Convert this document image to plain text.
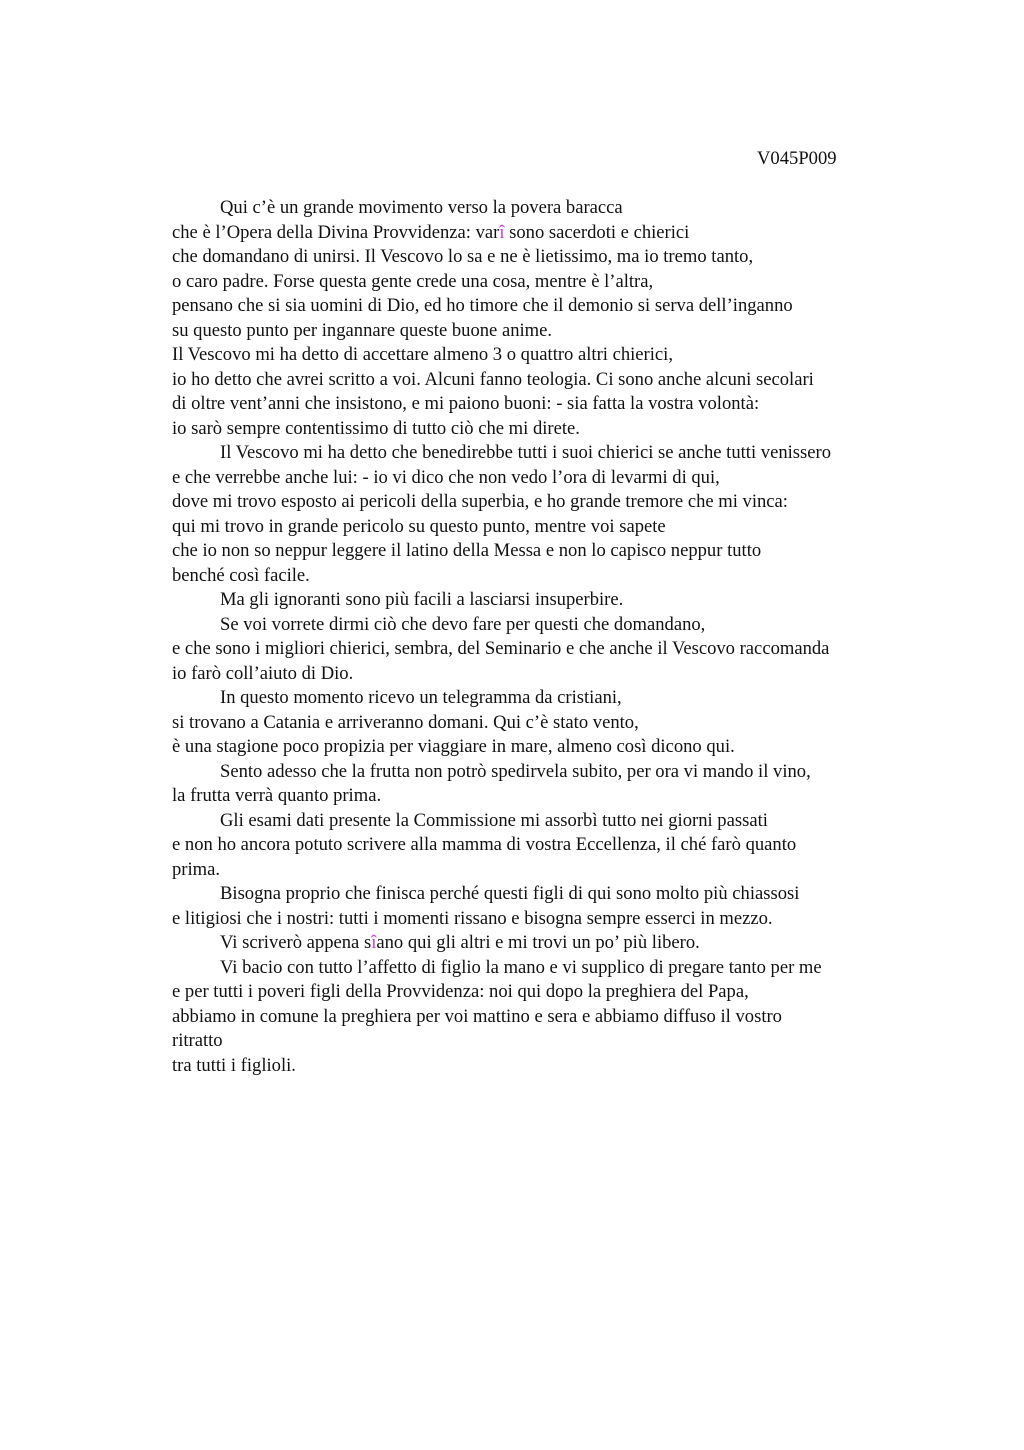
V045P009
Qui c’è un grande movimento verso la povera baracca
che è l’Opera della Divina Provvidenza: varî sono sacerdoti e chierici
che domandano di unirsi. Il Vescovo lo sa e ne è lietissimo, ma io tremo tanto,
o caro padre. Forse questa gente crede una cosa, mentre è l’altra,
pensano che si sia uomini di Dio, ed ho timore che il demonio si serva dell’inganno
su questo punto per ingannare queste buone anime.
Il Vescovo mi ha detto di accettare almeno 3 o quattro altri chierici,
io ho detto che avrei scritto a voi. Alcuni fanno teologia. Ci sono anche alcuni secolari
di oltre vent’anni che insistono, e mi paiono buoni: - sia fatta la vostra volontà:
io sarò sempre contentissimo di tutto ciò che mi direte.
Il Vescovo mi ha detto che benedirebbe tutti i suoi chierici se anche tutti venissero
e che verrebbe anche lui: - io vi dico che non vedo l’ora di levarmi di qui,
dove mi trovo esposto ai pericoli della superbia, e ho grande tremore che mi vinca:
qui mi trovo in grande pericolo su questo punto, mentre voi sapete
che io non so neppur leggere il latino della Messa e non lo capisco neppur tutto
benché così facile.
Ma gli ignoranti sono più facili a lasciarsi insuperbire.
Se voi vorrete dirmi ciò che devo fare per questi che domandano,
e che sono i migliori chierici, sembra, del Seminario e che anche il Vescovo raccomanda
io farò coll’aiuto di Dio.
In questo momento ricevo un telegramma da cristiani,
si trovano a Catania e arriveranno domani. Qui c’è stato vento,
è una stagione poco propizia per viaggiare in mare, almeno così dicono qui.
Sento adesso che la frutta non potrò spedirvela subito, per ora vi mando il vino,
la frutta verrà quanto prima.
Gli esami dati presente la Commissione mi assorbì tutto nei giorni passati
e non ho ancora potuto scrivere alla mamma di vostra Eccellenza, il ché farò quanto
prima.
Bisogna proprio che finisca perché questi figli di qui sono molto più chiassosi
e litigiosi che i nostri: tutti i momenti rissano e bisogna sempre esserci in mezzo.
Vi scriverò appena sîano qui gli altri e mi trovi un po’ più libero.
Vi bacio con tutto l’affetto di figlio la mano e vi supplico di pregare tanto per me
e per tutti i poveri figli della Provvidenza: noi qui dopo la preghiera del Papa,
abbiamo in comune la preghiera per voi mattino e sera e abbiamo diffuso il vostro
ritratto
tra tutti i figlioli.
